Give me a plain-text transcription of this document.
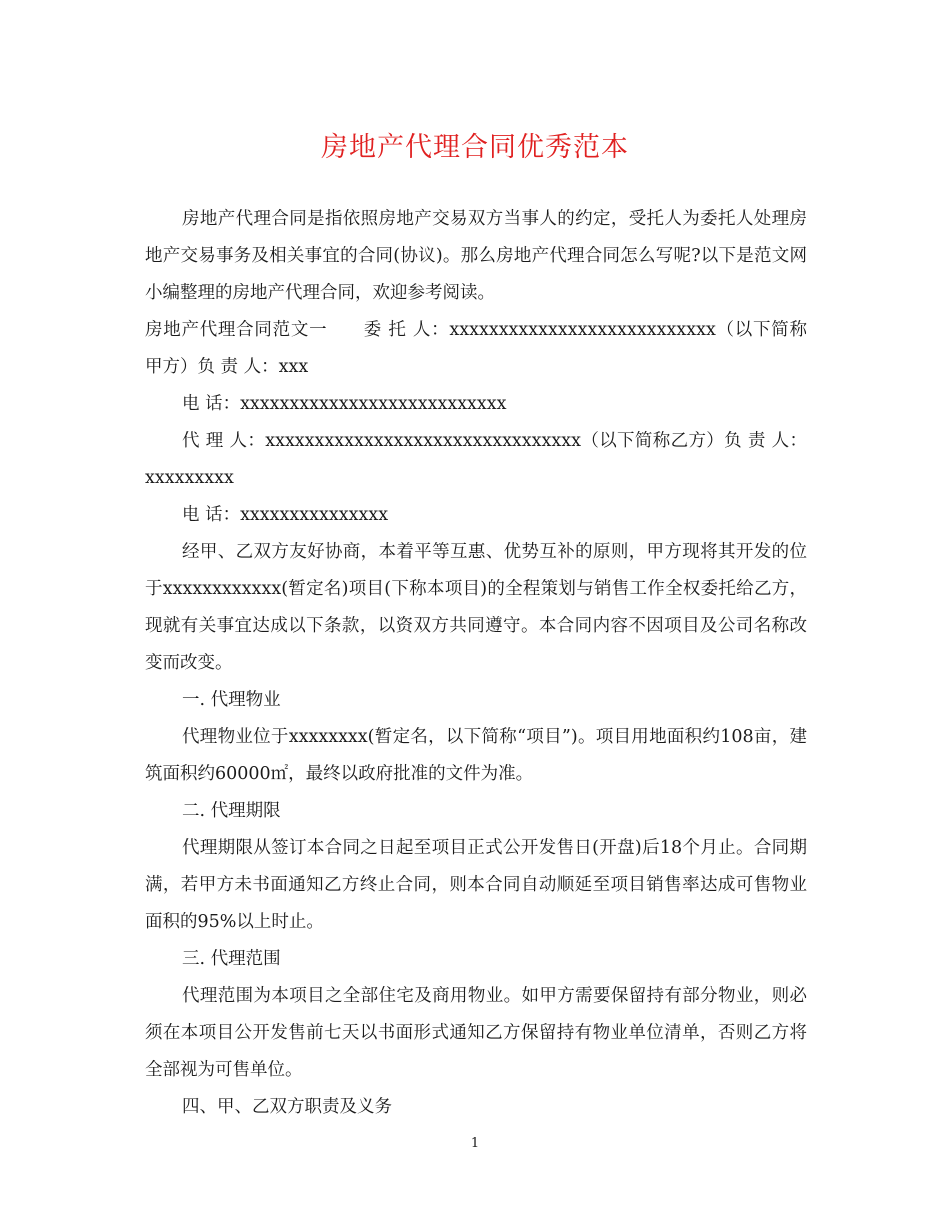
房地产代理合同优秀范本

房地产代理合同是指依照房地产交易双方当事人的约定，受托人为委托人处理房地产交易事务及相关事宜的合同(协议)。那么房地产代理合同怎么写呢?以下是范文网小编整理的房地产代理合同，欢迎参考阅读。

房地产代理合同范文一　　委 托 人：xxxxxxxxxxxxxxxxxxxxxxxxxxx（以下简称甲方）负 责 人：xxx

电 话：xxxxxxxxxxxxxxxxxxxxxxxxxxx

代 理 人：xxxxxxxxxxxxxxxxxxxxxxxxxxxxxxxx（以下简称乙方）负 责 人：xxxxxxxxx

电 话：xxxxxxxxxxxxxxx

经甲、乙双方友好协商，本着平等互惠、优势互补的原则，甲方现将其开发的位于xxxxxxxxxxxx(暂定名)项目(下称本项目)的全程策划与销售工作全权委托给乙方，现就有关事宜达成以下条款，以资双方共同遵守。本合同内容不因项目及公司名称改变而改变。

一. 代理物业

代理物业位于xxxxxxxx(暂定名，以下简称“项目”)。项目用地面积约108亩，建筑面积约60000㎡，最终以政府批准的文件为准。

二. 代理期限

代理期限从签订本合同之日起至项目正式公开发售日(开盘)后18个月止。合同期满，若甲方未书面通知乙方终止合同，则本合同自动顺延至项目销售率达成可售物业面积的95%以上时止。

三. 代理范围

代理范围为本项目之全部住宅及商用物业。如甲方需要保留持有部分物业，则必须在本项目公开发售前七天以书面形式通知乙方保留持有物业单位清单，否则乙方将全部视为可售单位。

四、甲、乙双方职责及义务

1
